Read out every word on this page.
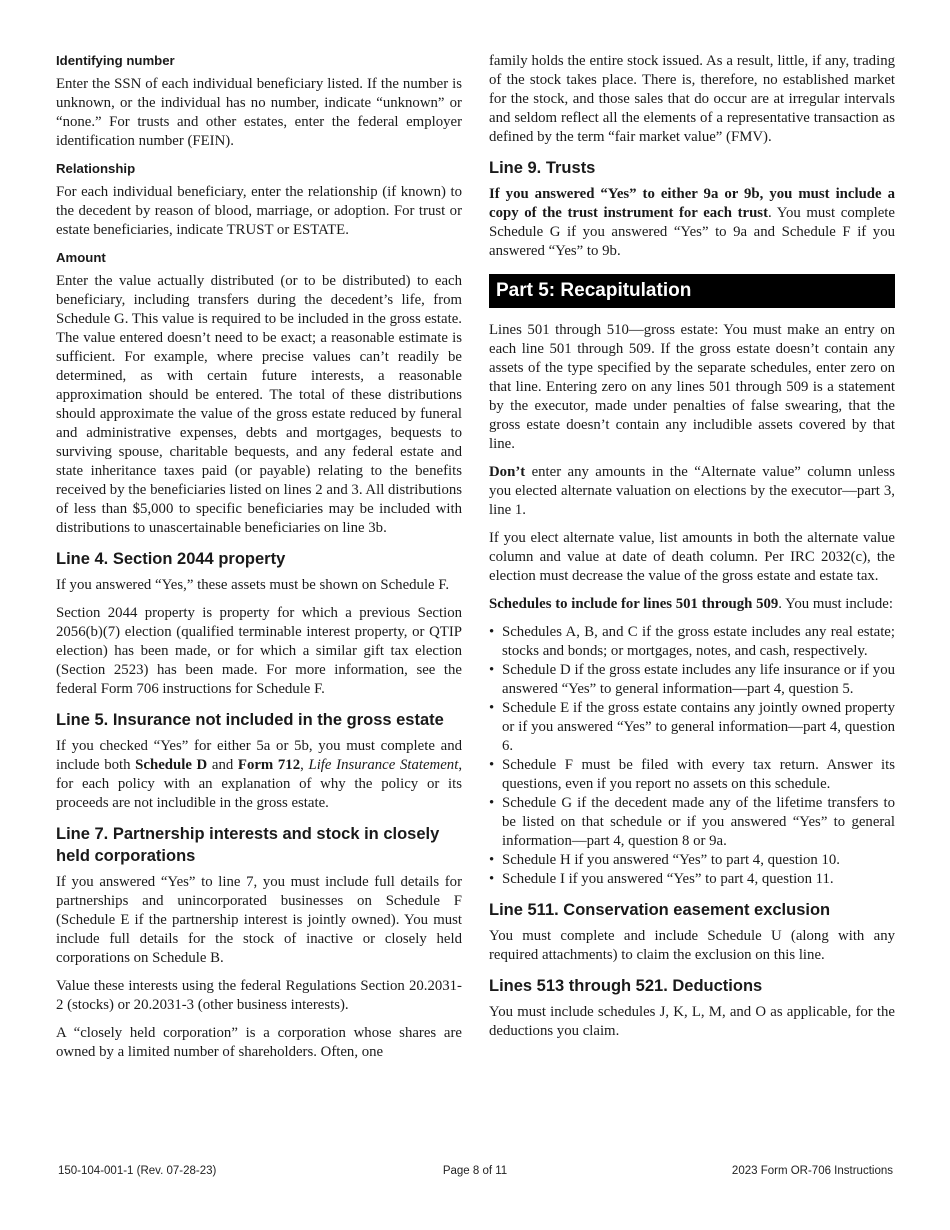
Identifying number

Enter the SSN of each individual beneficiary listed. If the number is unknown, or the individual has no number, indicate “unknown” or “none.” For trusts and other estates, enter the federal employer identification number (FEIN).

Relationship

For each individual beneficiary, enter the relationship (if known) to the decedent by reason of blood, marriage, or adoption. For trust or estate beneficiaries, indicate TRUST or ESTATE.

Amount

Enter the value actually distributed (or to be distributed) to each beneficiary, including transfers during the decedent’s life, from Schedule G. This value is required to be included in the gross estate. The value entered doesn’t need to be exact; a reasonable estimate is sufficient. For example, where precise values can’t readily be determined, as with certain future interests, a reasonable approximation should be entered. The total of these distributions should approximate the value of the gross estate reduced by funeral and administrative expenses, debts and mortgages, bequests to surviving spouse, charitable bequests, and any federal estate and state inheritance taxes paid (or payable) relating to the benefits received by the beneficiaries listed on lines 2 and 3. All distributions of less than $5,000 to specific beneficiaries may be included with distributions to unascertainable beneficiaries on line 3b.

Line 4. Section 2044 property

If you answered “Yes,” these assets must be shown on Schedule F.

Section 2044 property is property for which a previous Section 2056(b)(7) election (qualified terminable interest property, or QTIP election) has been made, or for which a similar gift tax election (Section 2523) has been made. For more information, see the federal Form 706 instructions for Schedule F.

Line 5. Insurance not included in the gross estate

If you checked “Yes” for either 5a or 5b, you must complete and include both Schedule D and Form 712, Life Insurance Statement, for each policy with an explanation of why the policy or its proceeds are not includible in the gross estate.

Line 7. Partnership interests and stock in closely held corporations

If you answered “Yes” to line 7, you must include full details for partnerships and unincorporated businesses on Schedule F (Schedule E if the partnership interest is jointly owned). You must include full details for the stock of inactive or closely held corporations on Schedule B.

Value these interests using the federal Regulations Section 20.2031-2 (stocks) or 20.2031-3 (other business interests).

A “closely held corporation” is a corporation whose shares are owned by a limited number of shareholders. Often, one

family holds the entire stock issued. As a result, little, if any, trading of the stock takes place. There is, therefore, no established market for the stock, and those sales that do occur are at irregular intervals and seldom reflect all the elements of a representative transaction as defined by the term “fair market value” (FMV).

Line 9. Trusts

If you answered “Yes” to either 9a or 9b, you must include a copy of the trust instrument for each trust. You must complete Schedule G if you answered “Yes” to 9a and Schedule F if you answered “Yes” to 9b.

Part 5: Recapitulation

Lines 501 through 510—gross estate: You must make an entry on each line 501 through 509. If the gross estate doesn’t contain any assets of the type specified by the separate schedules, enter zero on that line. Entering zero on any lines 501 through 509 is a statement by the executor, made under penalties of false swearing, that the gross estate doesn’t contain any includible assets covered by that line.

Don’t enter any amounts in the “Alternate value” column unless you elected alternate valuation on elections by the executor—part 3, line 1.

If you elect alternate value, list amounts in both the alternate value column and value at date of death column. Per IRC 2032(c), the election must decrease the value of the gross estate and estate tax.

Schedules to include for lines 501 through 509. You must include:

• Schedules A, B, and C if the gross estate includes any real estate; stocks and bonds; or mortgages, notes, and cash, respectively.
• Schedule D if the gross estate includes any life insurance or if you answered “Yes” to general information—part 4, question 5.
• Schedule E if the gross estate contains any jointly owned property or if you answered “Yes” to general information—part 4, question 6.
• Schedule F must be filed with every tax return. Answer its questions, even if you report no assets on this schedule.
• Schedule G if the decedent made any of the lifetime transfers to be listed on that schedule or if you answered “Yes” to general information—part 4, question 8 or 9a.
• Schedule H if you answered “Yes” to part 4, question 10.
• Schedule I if you answered “Yes” to part 4, question 11.
Line 511. Conservation easement exclusion

You must complete and include Schedule U (along with any required attachments) to claim the exclusion on this line.

Lines 513 through 521. Deductions

You must include schedules J, K, L, M, and O as applicable, for the deductions you claim.

150-104-001-1 (Rev. 07-28-23)	Page 8 of 11	2023 Form OR-706 Instructions
